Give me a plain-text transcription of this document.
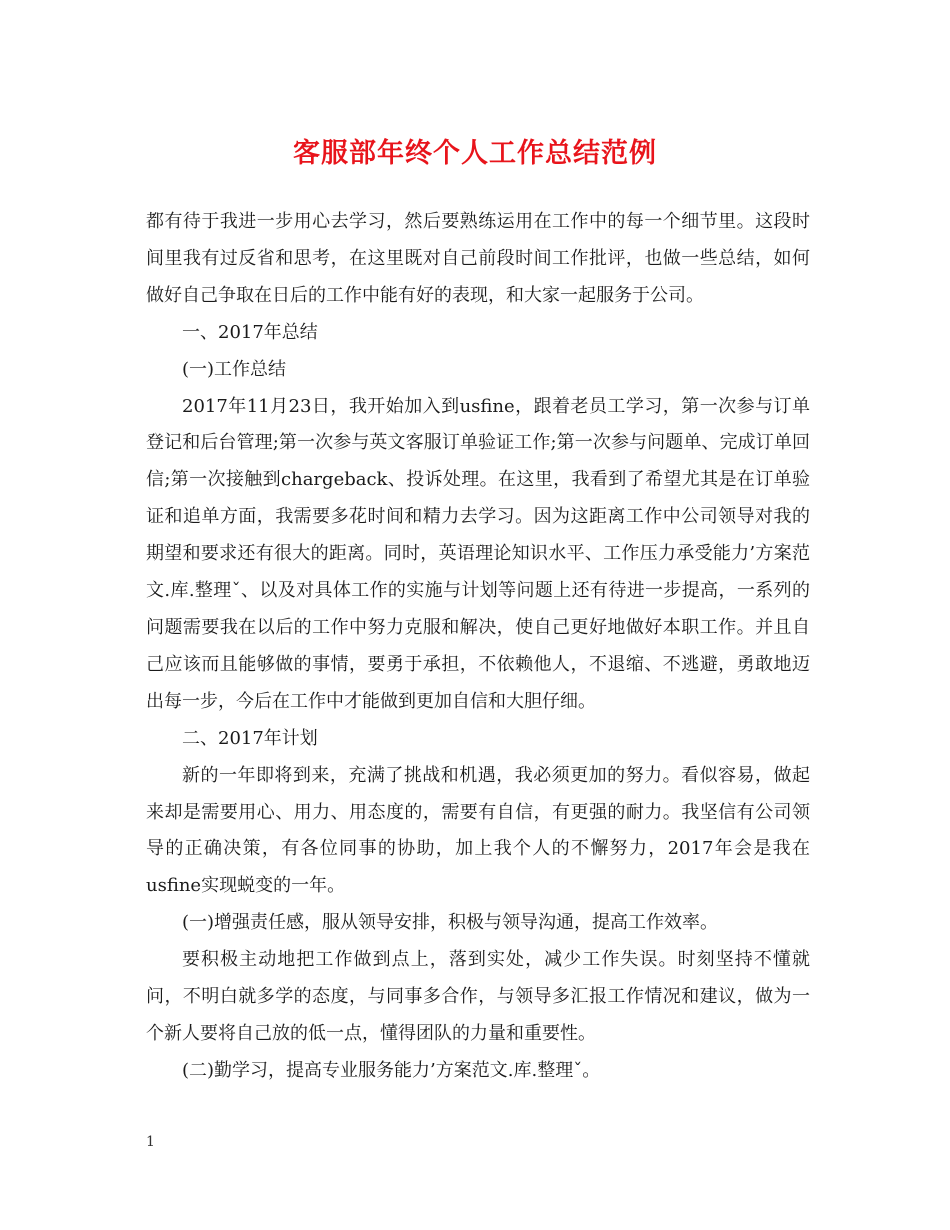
客服部年终个人工作总结范例

都有待于我进一步用心去学习，然后要熟练运用在工作中的每一个细节里。这段时间里我有过反省和思考，在这里既对自己前段时间工作批评，也做一些总结，如何做好自己争取在日后的工作中能有好的表现，和大家一起服务于公司。

一、2017年总结

(一)工作总结

2017年11月23日，我开始加入到usfine，跟着老员工学习，第一次参与订单登记和后台管理;第一次参与英文客服订单验证工作;第一次参与问题单、完成订单回信;第一次接触到chargeback、投诉处理。在这里，我看到了希望尤其是在订单验证和追单方面，我需要多花时间和精力去学习。因为这距离工作中公司领导对我的期望和要求还有很大的距离。同时，英语理论知识水平、工作压力承受能力’方案范文.库.整理ˇ、以及对具体工作的实施与计划等问题上还有待进一步提高，一系列的问题需要我在以后的工作中努力克服和解决，使自己更好地做好本职工作。并且自己应该而且能够做的事情，要勇于承担，不依赖他人，不退缩、不逃避，勇敢地迈出每一步，今后在工作中才能做到更加自信和大胆仔细。

二、2017年计划

新的一年即将到来，充满了挑战和机遇，我必须更加的努力。看似容易，做起来却是需要用心、用力、用态度的，需要有自信，有更强的耐力。我坚信有公司领导的正确决策，有各位同事的协助，加上我个人的不懈努力，2017年会是我在usfine实现蜕变的一年。

(一)增强责任感，服从领导安排，积极与领导沟通，提高工作效率。

要积极主动地把工作做到点上，落到实处，减少工作失误。时刻坚持不懂就问，不明白就多学的态度，与同事多合作，与领导多汇报工作情况和建议，做为一个新人要将自己放的低一点，懂得团队的力量和重要性。

(二)勤学习，提高专业服务能力’方案范文.库.整理ˇ。

1
